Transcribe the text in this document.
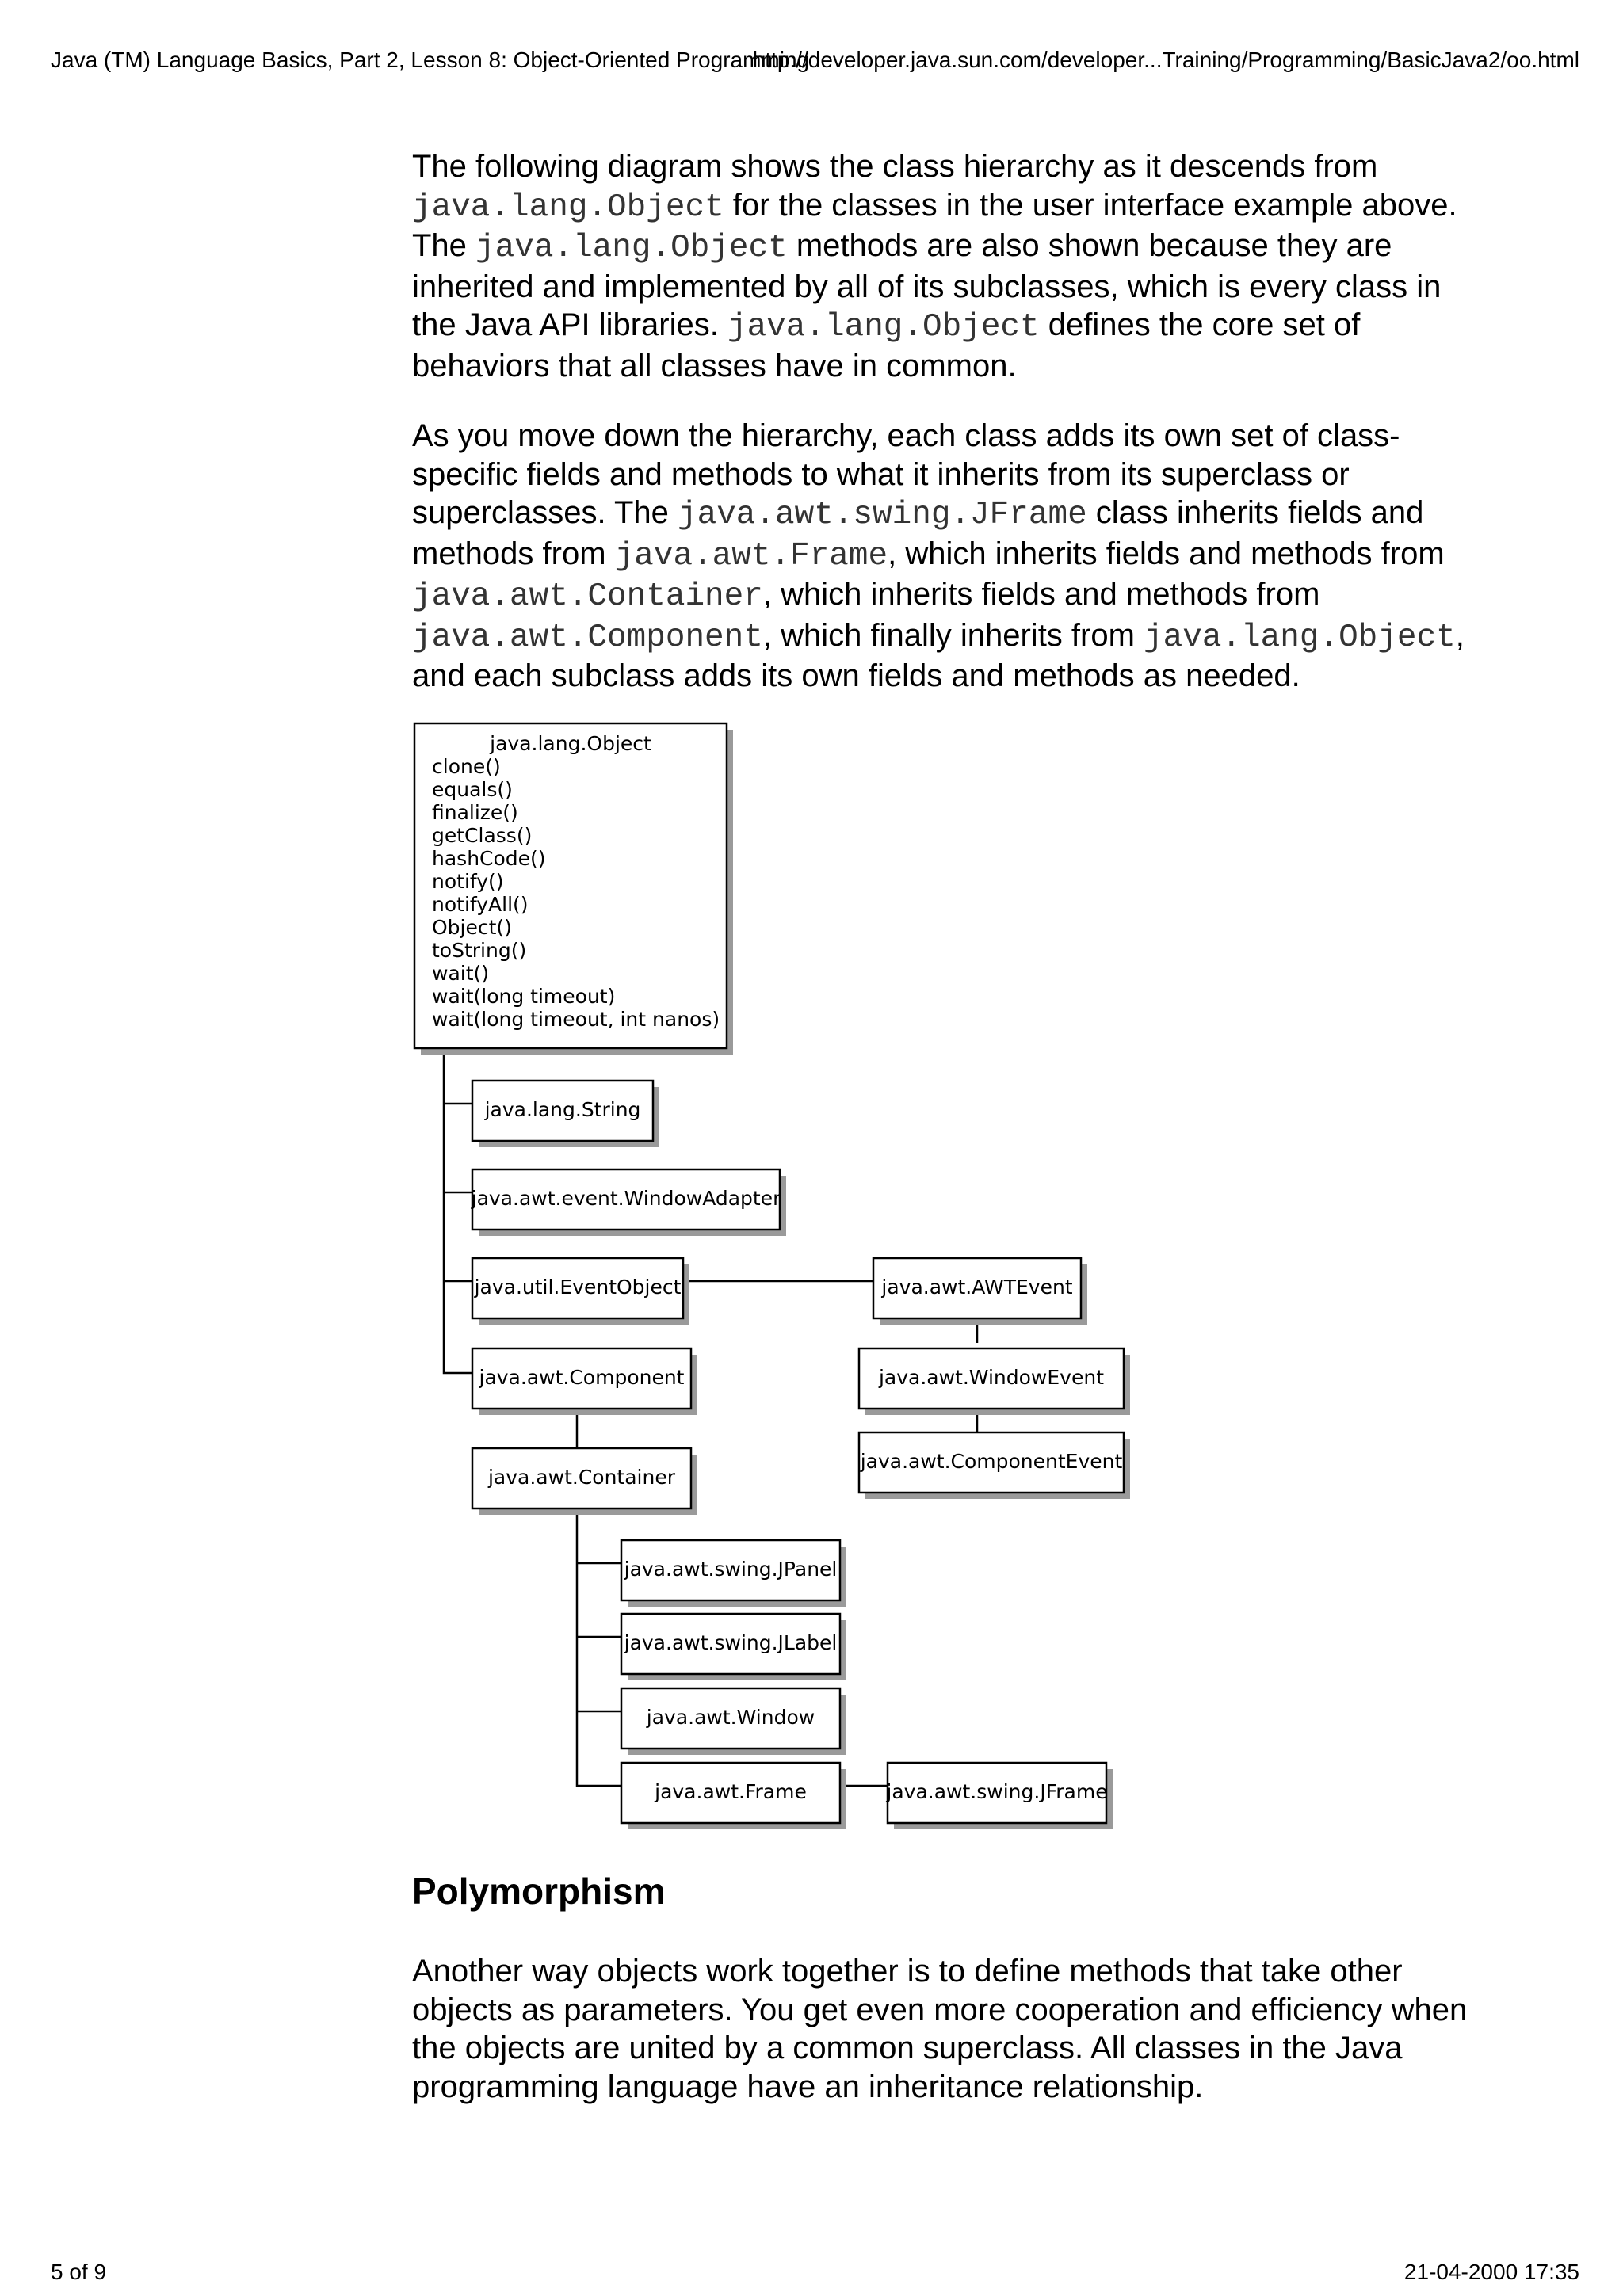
Java (TM) Language Basics, Part 2, Lesson 8: Object-Oriented Programming
http://developer.java.sun.com/developer...Training/Programming/BasicJava2/oo.html

The following diagram shows the class hierarchy as it descends from java.lang.Object for the classes in the user interface example above. The java.lang.Object methods are also shown because they are inherited and implemented by all of its subclasses, which is every class in the Java API libraries. java.lang.Object defines the core set of behaviors that all classes have in common.

As you move down the hierarchy, each class adds its own set of class-specific fields and methods to what it inherits from its superclass or superclasses. The java.awt.swing.JFrame class inherits fields and methods from java.awt.Frame, which inherits fields and methods from java.awt.Container, which inherits fields and methods from java.awt.Component, which finally inherits from java.lang.Object, and each subclass adds its own fields and methods as needed.

java.lang.Object
clone()
equals()
finalize()
getClass()
hashCode()
notify()
notifyAll()
Object()
toString()
wait()
wait(long timeout)
wait(long timeout, int nanos)
java.lang.String
java.awt.event.WindowAdapter
java.util.EventObject	java.awt.AWTEvent
java.awt.Component	java.awt.WindowEvent
java.awt.ComponentEvent
java.awt.Container
java.awt.swing.JPanel
java.awt.swing.JLabel
java.awt.Window
java.awt.Frame	java.awt.swing.JFrame
Polymorphism

Another way objects work together is to define methods that take other objects as parameters. You get even more cooperation and efficiency when the objects are united by a common superclass. All classes in the Java programming language have an inheritance relationship.

5 of 9	21-04-2000 17:35
